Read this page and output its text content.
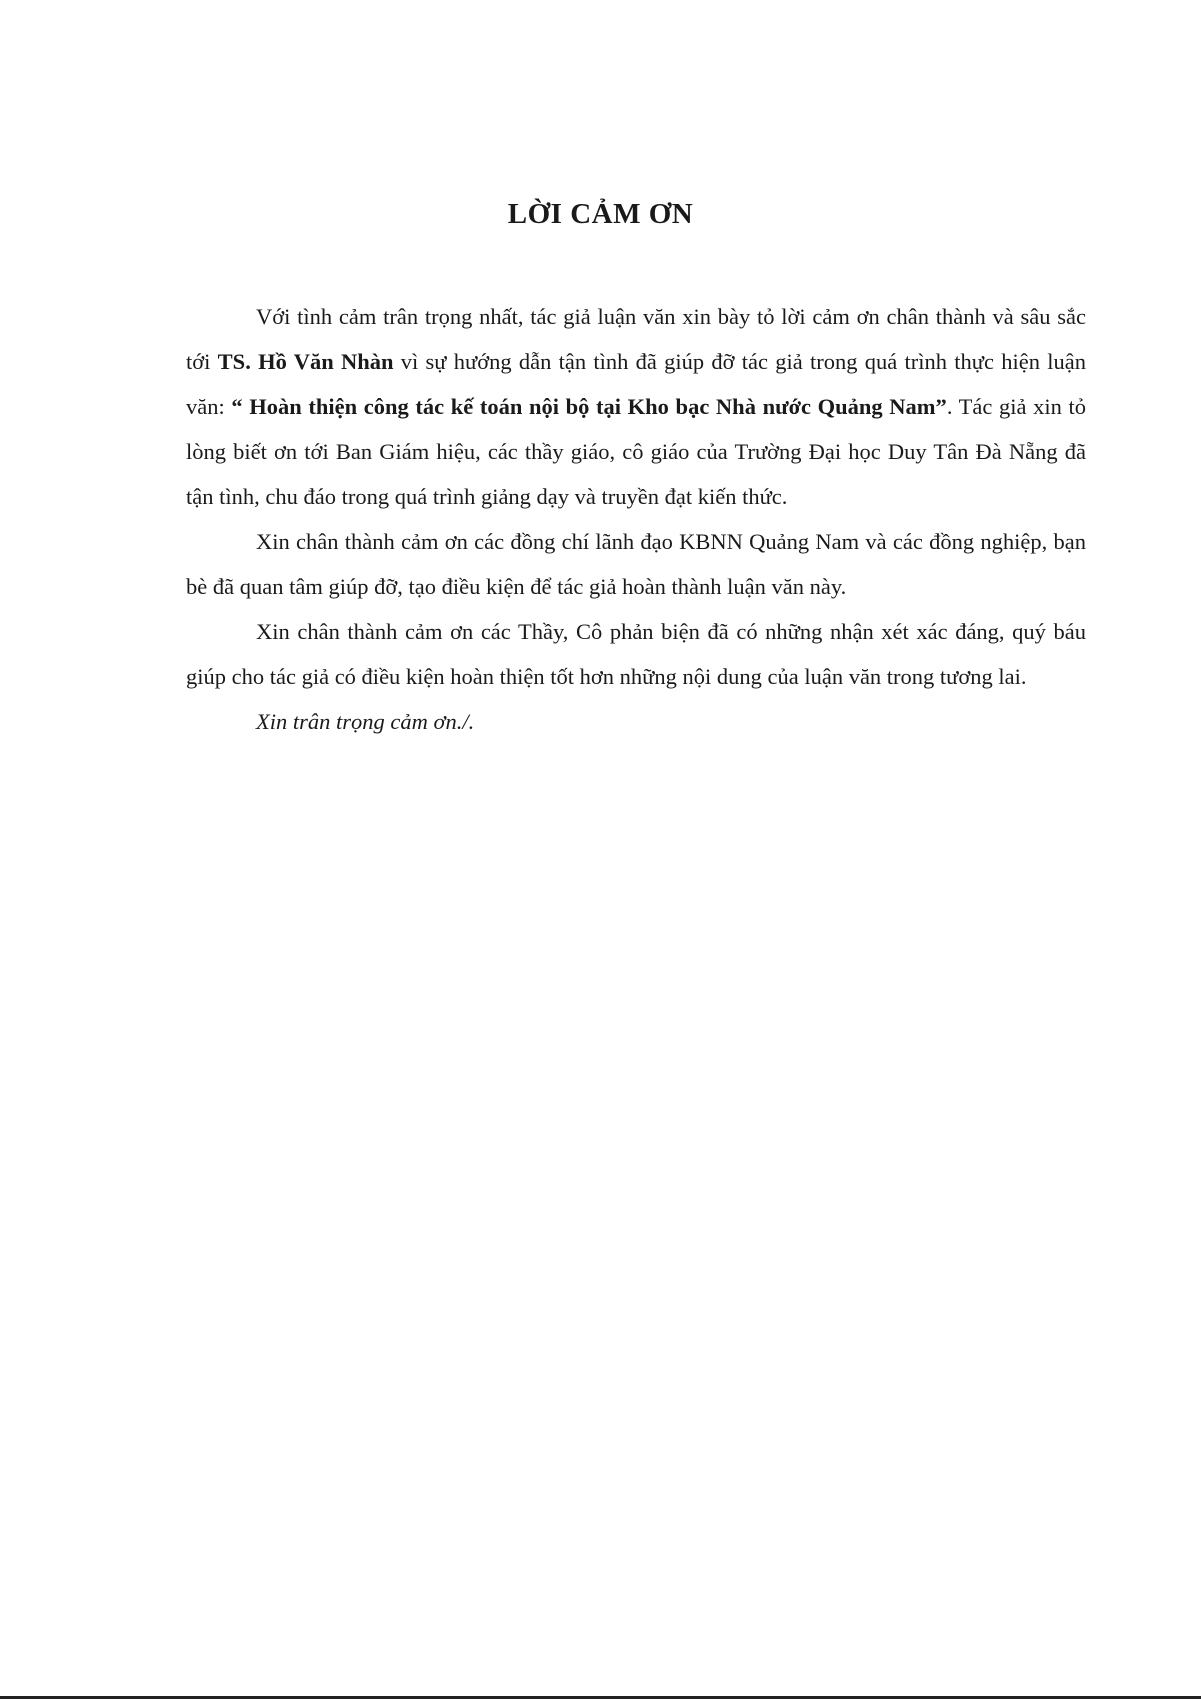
LỜI CẢM ƠN

Với tình cảm trân trọng nhất, tác giả luận văn xin bày tỏ lời cảm ơn chân thành và sâu sắc tới TS. Hồ Văn Nhàn vì sự hướng dẫn tận tình đã giúp đỡ tác giả trong quá trình thực hiện luận văn: “ Hoàn thiện công tác kế toán nội bộ tại Kho bạc Nhà nước Quảng Nam”. Tác giả xin tỏ lòng biết ơn tới Ban Giám hiệu, các thầy giáo, cô giáo của Trường Đại học Duy Tân Đà Nẵng đã tận tình, chu đáo trong quá trình giảng dạy và truyền đạt kiến thức.

Xin chân thành cảm ơn các đồng chí lãnh đạo KBNN Quảng Nam và các đồng nghiệp, bạn bè đã quan tâm giúp đỡ, tạo điều kiện để tác giả hoàn thành luận văn này.

Xin chân thành cảm ơn các Thầy, Cô phản biện đã có những nhận xét xác đáng, quý báu giúp cho tác giả có điều kiện hoàn thiện tốt hơn những nội dung của luận văn trong tương lai.

Xin trân trọng cảm ơn./.
